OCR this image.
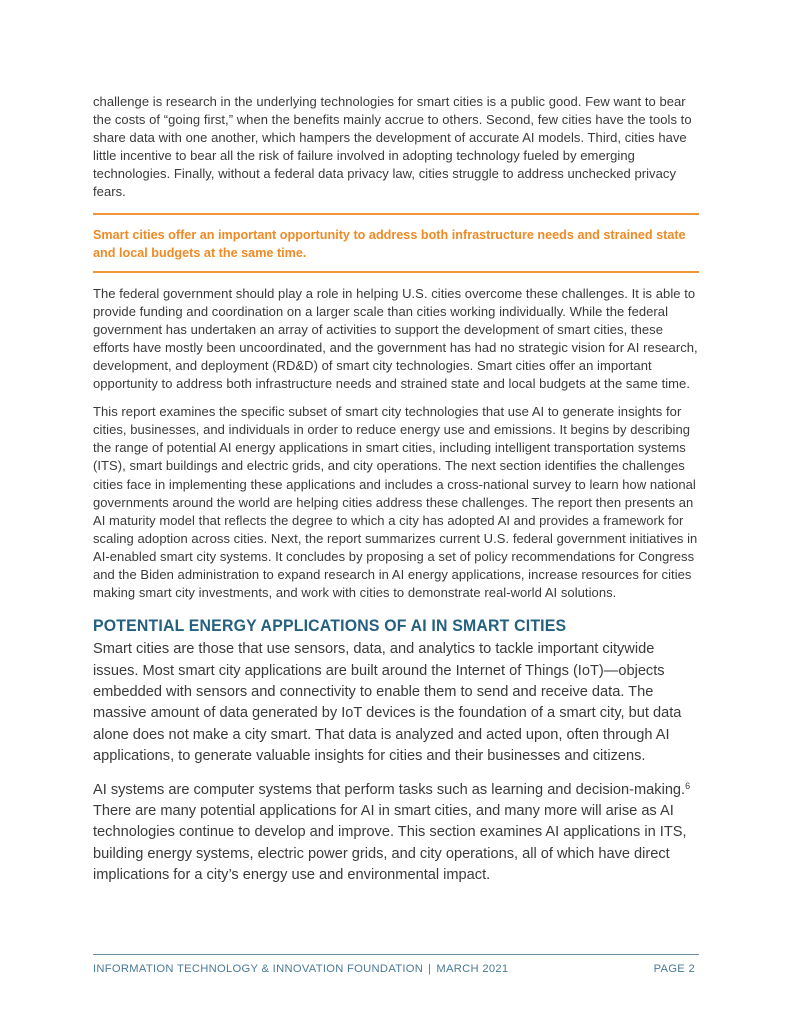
challenge is research in the underlying technologies for smart cities is a public good. Few want to bear the costs of “going first,” when the benefits mainly accrue to others. Second, few cities have the tools to share data with one another, which hampers the development of accurate AI models. Third, cities have little incentive to bear all the risk of failure involved in adopting technology fueled by emerging technologies. Finally, without a federal data privacy law, cities struggle to address unchecked privacy fears.

Smart cities offer an important opportunity to address both infrastructure needs and strained state and local budgets at the same time.

The federal government should play a role in helping U.S. cities overcome these challenges. It is able to provide funding and coordination on a larger scale than cities working individually. While the federal government has undertaken an array of activities to support the development of smart cities, these efforts have mostly been uncoordinated, and the government has had no strategic vision for AI research, development, and deployment (RD&D) of smart city technologies. Smart cities offer an important opportunity to address both infrastructure needs and strained state and local budgets at the same time.

This report examines the specific subset of smart city technologies that use AI to generate insights for cities, businesses, and individuals in order to reduce energy use and emissions. It begins by describing the range of potential AI energy applications in smart cities, including intelligent transportation systems (ITS), smart buildings and electric grids, and city operations. The next section identifies the challenges cities face in implementing these applications and includes a cross-national survey to learn how national governments around the world are helping cities address these challenges. The report then presents an AI maturity model that reflects the degree to which a city has adopted AI and provides a framework for scaling adoption across cities. Next, the report summarizes current U.S. federal government initiatives in AI-enabled smart city systems. It concludes by proposing a set of policy recommendations for Congress and the Biden administration to expand research in AI energy applications, increase resources for cities making smart city investments, and work with cities to demonstrate real-world AI solutions.

POTENTIAL ENERGY APPLICATIONS OF AI IN SMART CITIES

Smart cities are those that use sensors, data, and analytics to tackle important citywide issues. Most smart city applications are built around the Internet of Things (IoT)—objects embedded with sensors and connectivity to enable them to send and receive data. The massive amount of data generated by IoT devices is the foundation of a smart city, but data alone does not make a city smart. That data is analyzed and acted upon, often through AI applications, to generate valuable insights for cities and their businesses and citizens.

AI systems are computer systems that perform tasks such as learning and decision-making.$^6$ There are many potential applications for AI in smart cities, and many more will arise as AI technologies continue to develop and improve. This section examines AI applications in ITS, building energy systems, electric power grids, and city operations, all of which have direct implications for a city’s energy use and environmental impact.

INFORMATION TECHNOLOGY & INNOVATION FOUNDATION | MARCH 2021	PAGE 2
